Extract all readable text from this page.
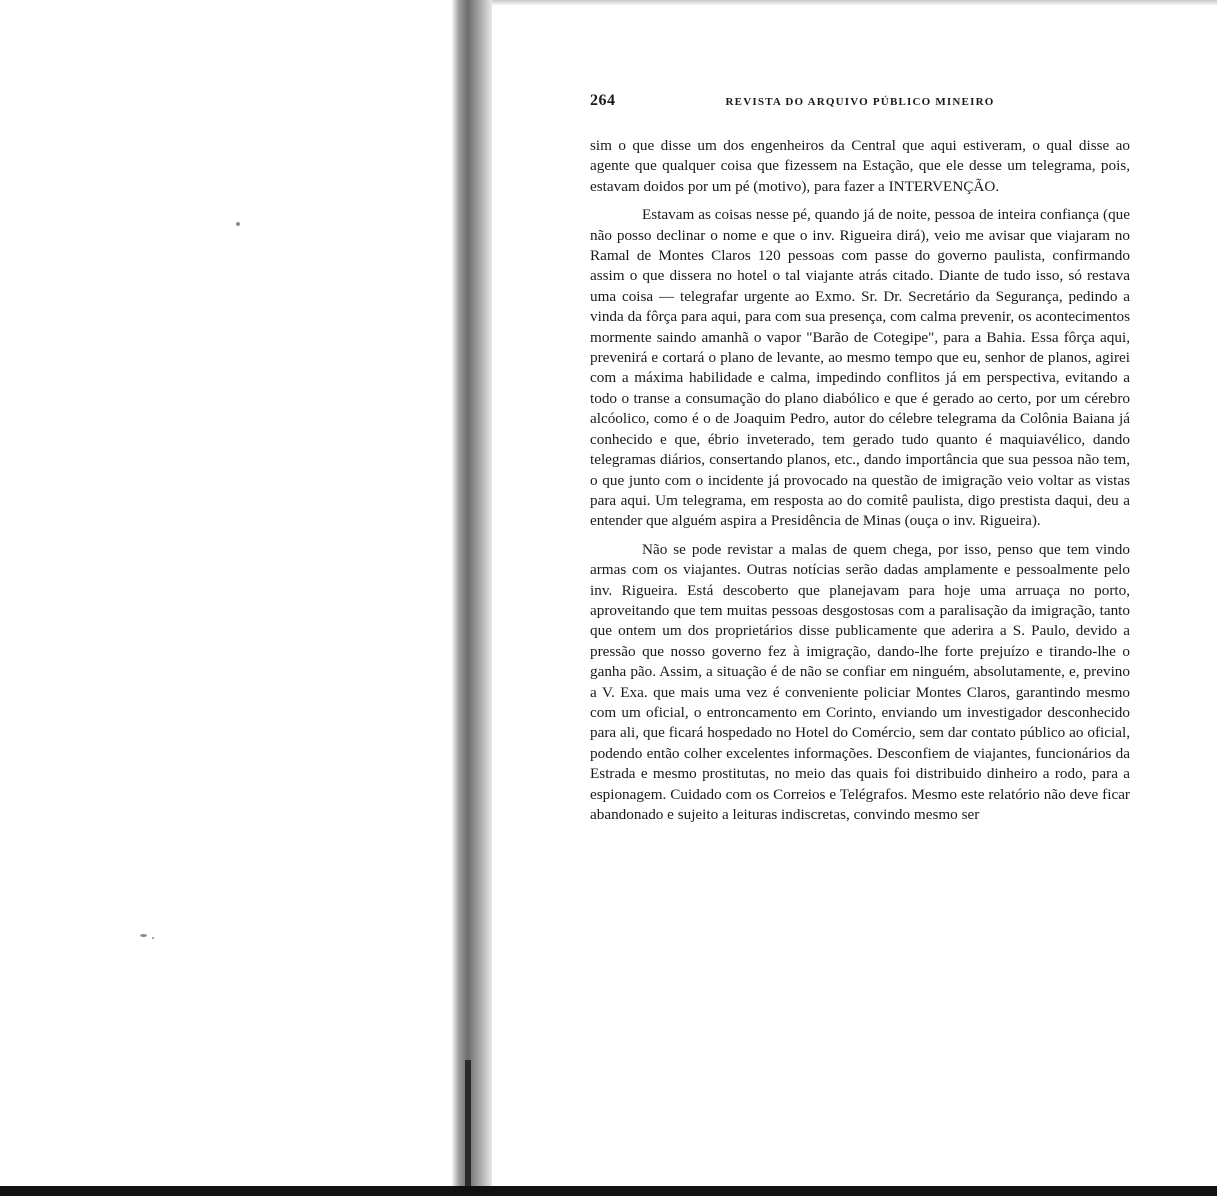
264	REVISTA DO ARQUIVO PÚBLICO MINEIRO

sim o que disse um dos engenheiros da Central que aqui estiveram, o qual disse ao agente que qualquer coisa que fizessem na Estação, que ele desse um telegrama, pois, estavam doidos por um pé (motivo), para fazer a INTERVENÇÃO.

Estavam as coisas nesse pé, quando já de noite, pessoa de inteira confiança (que não posso declinar o nome e que o inv. Rigueira dirá), veio me avisar que viajaram no Ramal de Montes Claros 120 pessoas com passe do governo paulista, confirmando assim o que dissera no hotel o tal viajante atrás citado. Diante de tudo isso, só restava uma coisa — telegrafar urgente ao Exmo. Sr. Dr. Secretário da Segurança, pedindo a vinda da fôrça para aqui, para com sua presença, com calma prevenir, os acontecimentos mormente saindo amanhã o vapor "Barão de Cotegipe", para a Bahia. Essa fôrça aqui, prevenirá e cortará o plano de levante, ao mesmo tempo que eu, senhor de planos, agirei com a máxima habilidade e calma, impedindo conflitos já em perspectiva, evitando a todo o transe a consumação do plano diabólico e que é gerado ao certo, por um cérebro alcóolico, como é o de Joaquim Pedro, autor do célebre telegrama da Colônia Baiana já conhecido e que, ébrio inveterado, tem gerado tudo quanto é maquiavélico, dando telegramas diários, consertando planos, etc., dando importância que sua pessoa não tem, o que junto com o incidente já provocado na questão de imigração veio voltar as vistas para aqui. Um telegrama, em resposta ao do comitê paulista, digo prestista daqui, deu a entender que alguém aspira a Presidência de Minas (ouça o inv. Rigueira).

Não se pode revistar a malas de quem chega, por isso, penso que tem vindo armas com os viajantes. Outras notícias serão dadas amplamente e pessoalmente pelo inv. Rigueira. Está descoberto que planejavam para hoje uma arruaça no porto, aproveitando que tem muitas pessoas desgostosas com a paralisação da imigração, tanto que ontem um dos proprietários disse publicamente que aderira a S. Paulo, devido a pressão que nosso governo fez à imigração, dando-lhe forte prejuízo e tirando-lhe o ganha pão. Assim, a situação é de não se confiar em ninguém, absolutamente, e, previno a V. Exa. que mais uma vez é conveniente policiar Montes Claros, garantindo mesmo com um oficial, o entroncamento em Corinto, enviando um investigador desconhecido para ali, que ficará hospedado no Hotel do Comércio, sem dar contato público ao oficial, podendo então colher excelentes informações. Desconfiem de viajantes, funcionários da Estrada e mesmo prostitutas, no meio das quais foi distribuido dinheiro a rodo, para a espionagem. Cuidado com os Correios e Telégrafos. Mesmo este relatório não deve ficar abandonado e sujeito a leituras indiscretas, convindo mesmo ser
